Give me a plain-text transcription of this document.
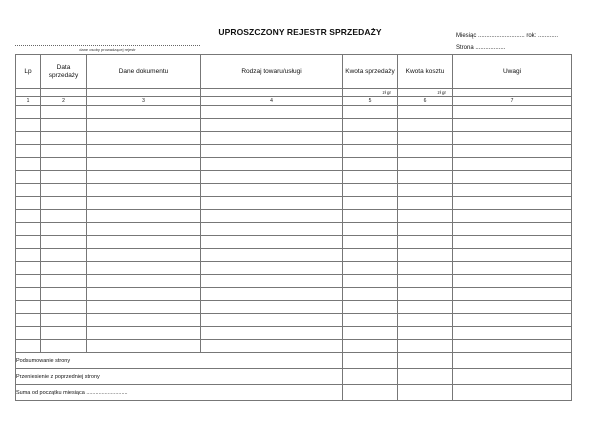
UPROSZCZONY REJESTR SPRZEDAŻY	Miesiąc ............................ rok: ............
Strona ..................
dane osoby prowadzącej rejestr
Lp	Data sprzedaży	Dane dokumentu	Rodzaj towaru/usługi	Kwota sprzedaży	Kwota kosztu	Uwagi
				zł gr	zł gr	
1	2	3	4	5	6	7

Podsumowanie strony						
Przeniesienie z poprzedniej strony						
Suma od początku miesiąca ...........................						
